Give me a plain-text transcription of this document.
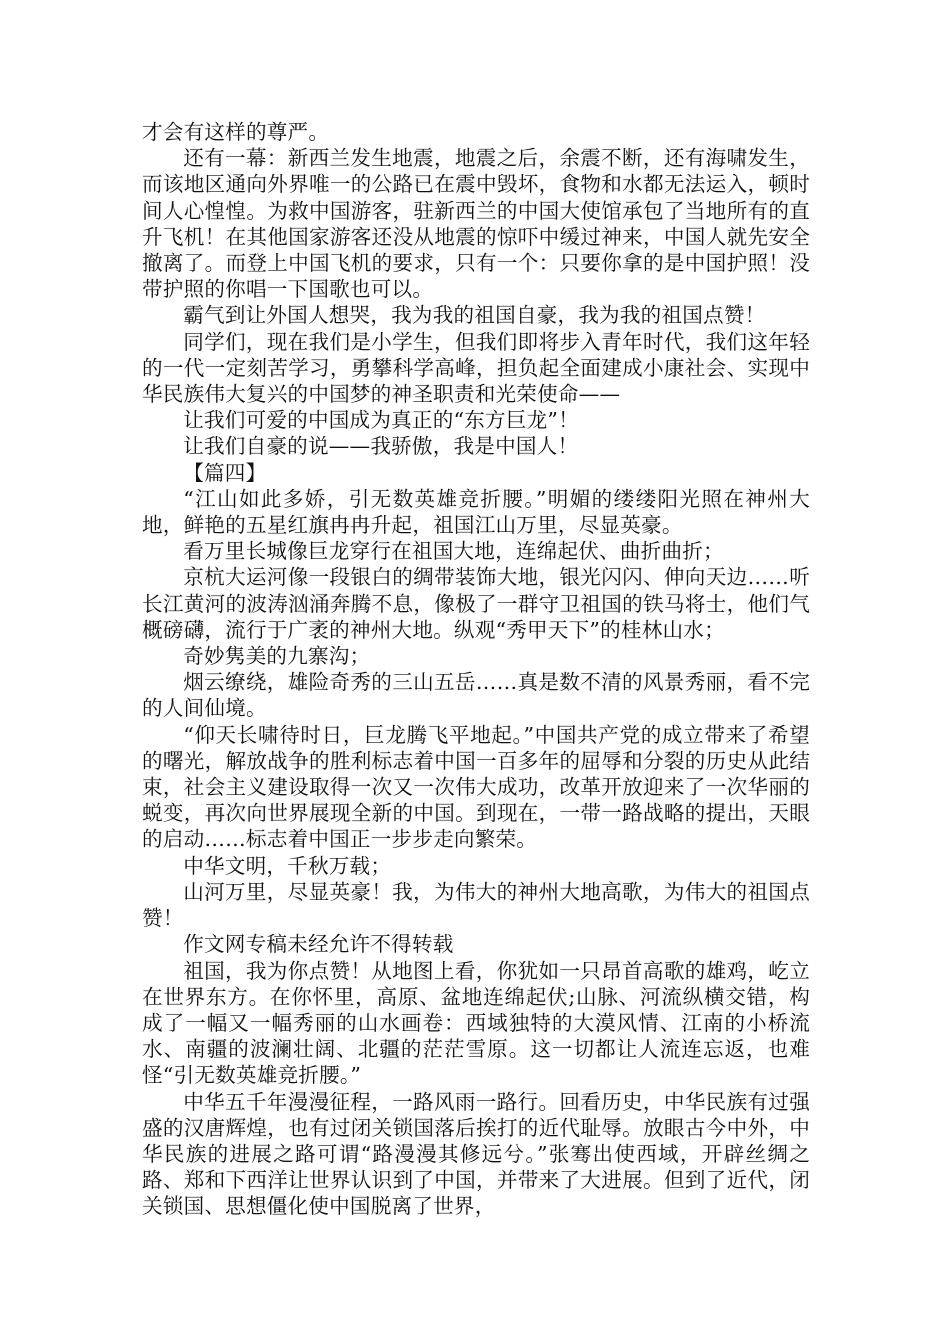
才会有这样的尊严。

还有一幕：新西兰发生地震，地震之后，余震不断，还有海啸发生，而该地区通向外界唯一的公路已在震中毁坏，食物和水都无法运入，顿时间人心惶惶。为救中国游客，驻新西兰的中国大使馆承包了当地所有的直升飞机！在其他国家游客还没从地震的惊吓中缓过神来，中国人就先安全撤离了。而登上中国飞机的要求，只有一个：只要你拿的是中国护照！没带护照的你唱一下国歌也可以。

霸气到让外国人想哭，我为我的祖国自豪，我为我的祖国点赞！

同学们，现在我们是小学生，但我们即将步入青年时代，我们这年轻的一代一定刻苦学习，勇攀科学高峰，担负起全面建成小康社会、实现中华民族伟大复兴的中国梦的神圣职责和光荣使命——

让我们可爱的中国成为真正的“东方巨龙”！

让我们自豪的说——我骄傲，我是中国人！

【篇四】

“江山如此多娇，引无数英雄竞折腰。”明媚的缕缕阳光照在神州大地，鲜艳的五星红旗冉冉升起，祖国江山万里，尽显英豪。

看万里长城像巨龙穿行在祖国大地，连绵起伏、曲折曲折；

京杭大运河像一段银白的绸带装饰大地，银光闪闪、伸向天边……听长江黄河的波涛汹涌奔腾不息，像极了一群守卫祖国的铁马将士，他们气概磅礴，流行于广袤的神州大地。纵观“秀甲天下”的桂林山水；

奇妙隽美的九寨沟；

烟云缭绕，雄险奇秀的三山五岳……真是数不清的风景秀丽，看不完的人间仙境。

“仰天长啸待时日，巨龙腾飞平地起。”中国共产党的成立带来了希望的曙光，解放战争的胜利标志着中国一百多年的屈辱和分裂的历史从此结束，社会主义建设取得一次又一次伟大成功，改革开放迎来了一次华丽的蜕变，再次向世界展现全新的中国。到现在，一带一路战略的提出，天眼的启动……标志着中国正一步步走向繁荣。

中华文明，千秋万载；

山河万里，尽显英豪！我，为伟大的神州大地高歌，为伟大的祖国点赞！

作文网专稿未经允许不得转载

祖国，我为你点赞！从地图上看，你犹如一只昂首高歌的雄鸡，屹立在世界东方。在你怀里，高原、盆地连绵起伏;山脉、河流纵横交错，构成了一幅又一幅秀丽的山水画卷：西域独特的大漠风情、江南的小桥流水、南疆的波澜壮阔、北疆的茫茫雪原。这一切都让人流连忘返，也难怪“引无数英雄竞折腰。”

中华五千年漫漫征程，一路风雨一路行。回看历史，中华民族有过强盛的汉唐辉煌，也有过闭关锁国落后挨打的近代耻辱。放眼古今中外，中华民族的进展之路可谓“路漫漫其修远兮。”张骞出使西域，开辟丝绸之路、郑和下西洋让世界认识到了中国，并带来了大进展。但到了近代，闭关锁国、思想僵化使中国脱离了世界，
